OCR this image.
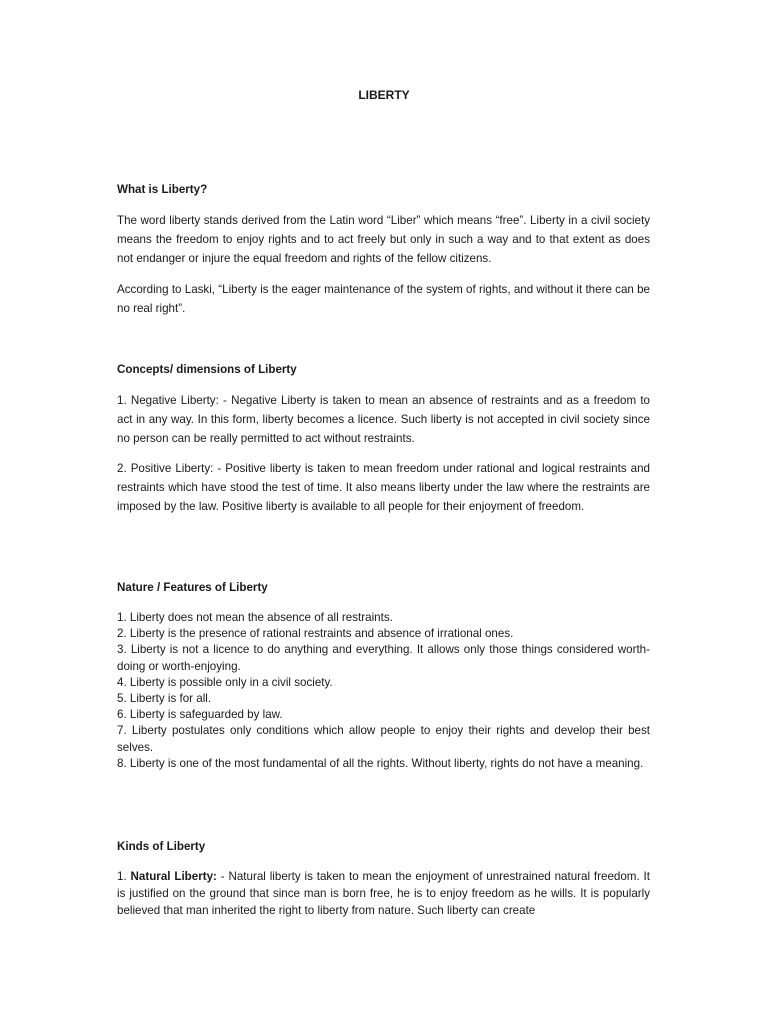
LIBERTY
What is Liberty?
The word liberty stands derived from the Latin word “Liber” which means “free”. Liberty in a civil society means the freedom to enjoy rights and to act freely but only in such a way and to that extent as does not endanger or injure the equal freedom and rights of the fellow citizens.
According to Laski, “Liberty is the eager maintenance of the system of rights, and without it there can be no real right”.
Concepts/ dimensions of Liberty
1. Negative Liberty: - Negative Liberty is taken to mean an absence of restraints and as a freedom to act in any way. In this form, liberty becomes a licence. Such liberty is not accepted in civil society since no person can be really permitted to act without restraints.
2. Positive Liberty: - Positive liberty is taken to mean freedom under rational and logical restraints and restraints which have stood the test of time. It also means liberty under the law where the restraints are imposed by the law. Positive liberty is available to all people for their enjoyment of freedom.
Nature / Features of Liberty
1. Liberty does not mean the absence of all restraints.
2. Liberty is the presence of rational restraints and absence of irrational ones.
3. Liberty is not a licence to do anything and everything. It allows only those things considered worth-doing or worth-enjoying.
4. Liberty is possible only in a civil society.
5. Liberty is for all.
6. Liberty is safeguarded by law.
7. Liberty postulates only conditions which allow people to enjoy their rights and develop their best selves.
8. Liberty is one of the most fundamental of all the rights. Without liberty, rights do not have a meaning.
Kinds of Liberty
1. Natural Liberty: - Natural liberty is taken to mean the enjoyment of unrestrained natural freedom. It is justified on the ground that since man is born free, he is to enjoy freedom as he wills. It is popularly believed that man inherited the right to liberty from nature. Such liberty can create
